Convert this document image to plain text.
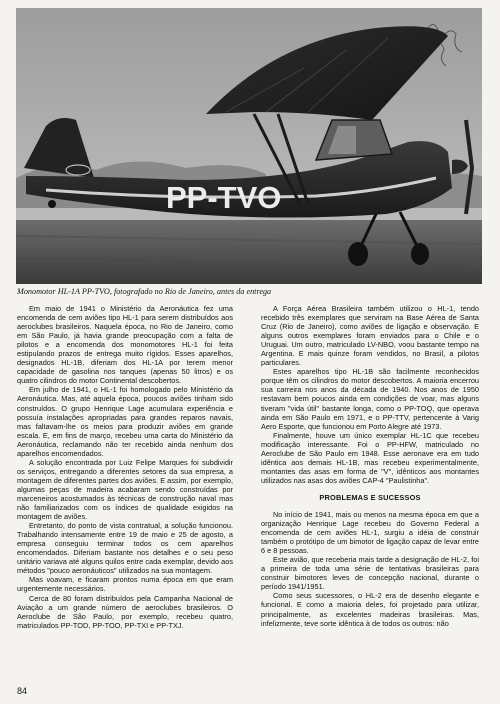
PP-TVO
Monomotor HL-1A PP-TVO, fotografado no Rio de Janeiro, antes da entrega

Em maio de 1941 o Ministério da Aeronáutica fez uma encomenda de cem aviões tipo HL-1 para serem distribuídos aos aeroclubes brasileiros. Naquela época, no Rio de Janeiro, como em São Paulo, já havia grande preocupação com a falta de pilotos e a encomenda dos monomotores HL-1 foi feita estipulando prazos de entrega muito rígidos. Esses aparelhos, designados HL-1B, diferiam dos HL-1A por terem menor capacidade de gasolina nos tanques (apenas 50 litros) e os quatro cilindros do motor Continental descobertos.

Em julho de 1941, o HL-1 foi homologado pelo Ministério da Aeronáutica. Mas, até aquela época, poucos aviões tinham sido construídos. O grupo Henrique Lage acumulara experiência e possuía instalações apropriadas para grandes reparos navais, mas faltavam-lhe os meios para produzir aviões em grande escala. E, em fins de março, recebeu uma carta do Ministério da Aeronáutica, reclamando não ter recebido ainda nenhum dos aparelhos encomendados.

A solução encontrada por Luiz Felipe Marques foi subdividir os serviços, entregando a diferentes setores da sua empresa, a montagem de diferentes partes dos aviões. E assim, por exemplo, algumas peças de madeira acabaram sendo construídas por marceneiros acostumados às técnicas de construção naval mas não familiarizados com os índices de qualidade exigidos na montagem de aviões.

Entretanto, do ponto de vista contratual, a solução funcionou. Trabalhando intensamente entre 19 de maio e 25 de agosto, a empresa conseguiu terminar todos os cem aparelhos encomendados. Diferiam bastante nos detalhes e o seu peso unitário variava até alguns quilos entre cada exemplar, devido aos métodos "pouco aeronáuticos" utilizados na sua montagem.

Mas voavam, e ficaram prontos numa época em que eram urgentemente necessários.

Cerca de 80 foram distribuídos pela Campanha Nacional de Aviação a um grande número de aeroclubes brasileiros. O Aeroclube de São Paulo, por exemplo, recebeu quatro, matriculados PP-TOD, PP-TOO, PP-TXI e PP-TXJ.

A Força Aérea Brasileira também utilizou o HL-1, tendo recebido três exemplares que serviram na Base Aérea de Santa Cruz (Rio de Janeiro), como aviões de ligação e observação. E alguns outros exemplares foram enviados para o Chile e o Uruguai. Um outro, matriculado LV-NBO, voou bastante tempo na Argentina. E mais quinze foram vendidos, no Brasil, a pilotos particulares.

Estes aparelhos tipo HL-1B são facilmente reconhecidos porque têm os cilindros do motor descobertos. A maioria encerrou sua carreira nos anos da década de 1940. Nos anos de 1950 restavam bem poucos ainda em condições de voar, mas alguns tiveram "vida útil" bastante longa, como o PP-TOQ, que operava ainda em São Paulo em 1971, e o PP-TTV, pertencente à Varig Aero Esporte, que funcionou em Porto Alegre até 1973.

Finalmente, houve um único exemplar HL-1C que recebeu modificação interessante. Foi o PP-HFW, matriculado no Aeroclube de São Paulo em 1948. Esse aeronave era em tudo idêntica aos demais HL-1B, mas recebeu experimentalmente, montantes das asas em forma de "V", idênticos aos montantes utilizados nas asas dos aviões CAP-4 "Paulistinha".

PROBLEMAS E SUCESSOS

No início de 1941, mais ou menos na mesma época em que a organização Henrique Lage recebeu do Governo Federal a encomenda de cem aviões HL-1, surgiu a idéia de construir também o protótipo de um bimotor de ligação capaz de levar entre 6 e 8 pessoas.

Este avião, que receberia mais tarde a designação de HL-2, foi a primeira de toda uma série de tentativas brasileiras para construir bimotores leves de concepção nacional, durante o período 1941/1951.

Como seus sucessores, o HL-2 era de desenho elegante e funcional. E como a maioria deles, foi projetado para utilizar, principalmente, as excelentes madeiras brasileiras. Mas, infelizmente, teve sorte idêntica à de todos os outros: não

84
